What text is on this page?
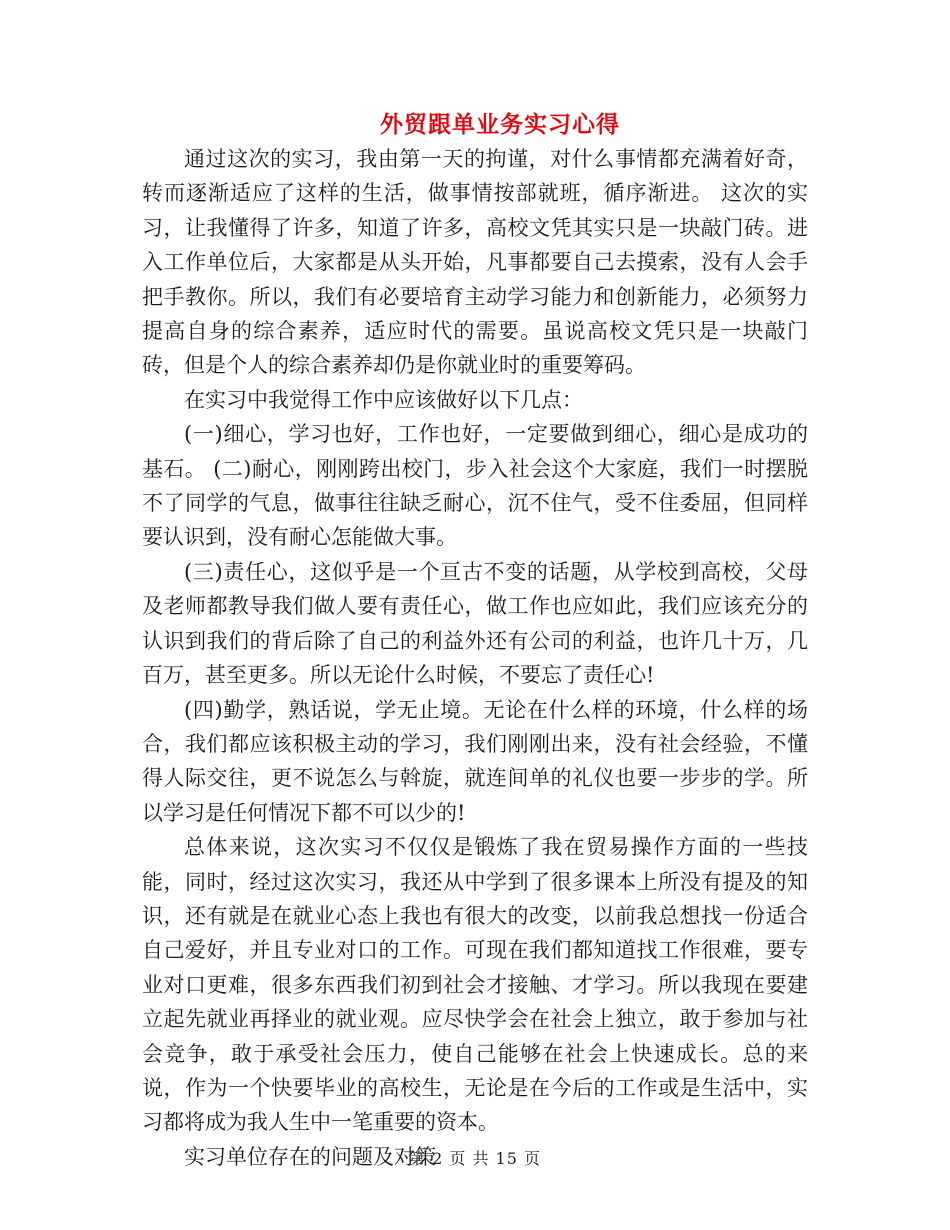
外贸跟单业务实习心得

通过这次的实习，我由第一天的拘谨，对什么事情都充满着好奇，转而逐渐适应了这样的生活，做事情按部就班，循序渐进。 这次的实习，让我懂得了许多，知道了许多，高校文凭其实只是一块敲门砖。进入工作单位后，大家都是从头开始，凡事都要自己去摸索，没有人会手把手教你。所以，我们有必要培育主动学习能力和创新能力，必须努力提高自身的综合素养，适应时代的需要。虽说高校文凭只是一块敲门砖，但是个人的综合素养却仍是你就业时的重要筹码。

在实习中我觉得工作中应该做好以下几点：

(一)细心，学习也好，工作也好，一定要做到细心，细心是成功的基石。 (二)耐心，刚刚跨出校门，步入社会这个大家庭，我们一时摆脱不了同学的气息，做事往往缺乏耐心，沉不住气，受不住委屈，但同样要认识到，没有耐心怎能做大事。

(三)责任心，这似乎是一个亘古不变的话题，从学校到高校，父母及老师都教导我们做人要有责任心，做工作也应如此，我们应该充分的认识到我们的背后除了自己的利益外还有公司的利益，也许几十万，几百万，甚至更多。所以无论什么时候，不要忘了责任心!

(四)勤学，熟话说，学无止境。无论在什么样的环境，什么样的场合，我们都应该积极主动的学习，我们刚刚出来，没有社会经验，不懂得人际交往，更不说怎么与斡旋，就连间单的礼仪也要一步步的学。所以学习是任何情况下都不可以少的!

总体来说，这次实习不仅仅是锻炼了我在贸易操作方面的一些技能，同时，经过这次实习，我还从中学到了很多课本上所没有提及的知识，还有就是在就业心态上我也有很大的改变，以前我总想找一份适合自己爱好，并且专业对口的工作。可现在我们都知道找工作很难，要专业对口更难，很多东西我们初到社会才接触、才学习。所以我现在要建立起先就业再择业的就业观。应尽快学会在社会上独立，敢于参加与社会竞争，敢于承受社会压力，使自己能够在社会上快速成长。总的来说，作为一个快要毕业的高校生，无论是在今后的工作或是生活中，实习都将成为我人生中一笔重要的资本。

实习单位存在的问题及对策

第 2 页 共 15 页
